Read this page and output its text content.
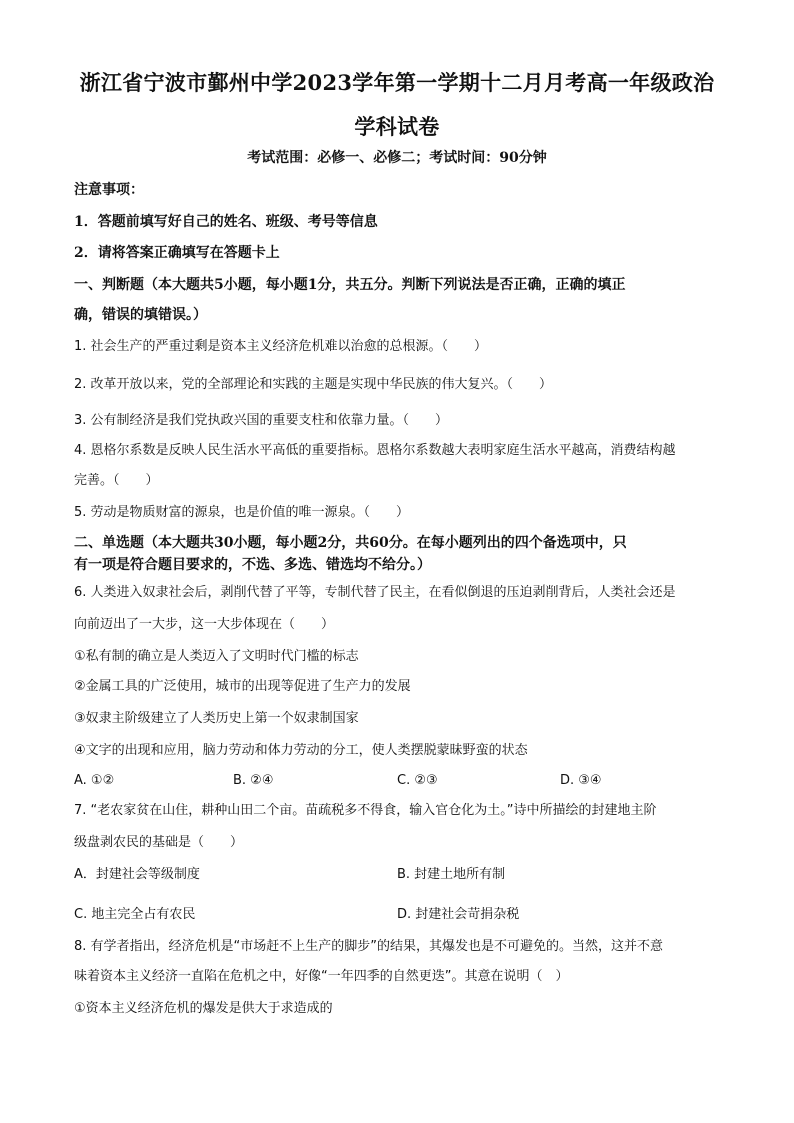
浙江省宁波市鄞州中学2023学年第一学期十二月月考高一年级政治
学科试卷
考试范围：必修一、必修二；考试时间：90分钟
注意事项：
1．答题前填写好自己的姓名、班级、考号等信息
2．请将答案正确填写在答题卡上
一、判断题（本大题共5小题，每小题1分，共五分。判断下列说法是否正确，正确的填正
确，错误的填错误。）
1. 社会生产的严重过剩是资本主义经济危机难以治愈的总根源。（　　）
2. 改革开放以来，党的全部理论和实践的主题是实现中华民族的伟大复兴。（　　）
3. 公有制经济是我们党执政兴国的重要支柱和依靠力量。（　　）
4. 恩格尔系数是反映人民生活水平高低的重要指标。恩格尔系数越大表明家庭生活水平越高，消费结构越
完善。（　　）
5. 劳动是物质财富的源泉，也是价值的唯一源泉。（　　）
二、单选题（本大题共30小题，每小题2分，共60分。在每小题列出的四个备选项中，只
有一项是符合题目要求的，不选、多选、错选均不给分。）
6. 人类进入奴隶社会后，剥削代替了平等，专制代替了民主，在看似倒退的压迫剥削背后，人类社会还是
向前迈出了一大步，这一大步体现在（　　）
①私有制的确立是人类迈入了文明时代门槛的标志
②金属工具的广泛使用，城市的出现等促进了生产力的发展
③奴隶主阶级建立了人类历史上第一个奴隶制国家
④文字的出现和应用，脑力劳动和体力劳动的分工，使人类摆脱蒙昧野蛮的状态
A. ①②	B. ②④	C. ②③	D. ③④
7. “老农家贫在山住，耕种山田二个亩。苗疏税多不得食，输入官仓化为土。”诗中所描绘的封建地主阶
级盘剥农民的基础是（　　）
A．封建社会等级制度	B. 封建土地所有制
C. 地主完全占有农民	D. 封建社会苛捐杂税
8. 有学者指出，经济危机是“市场赶不上生产的脚步”的结果，其爆发也是不可避免的。当然，这并不意
味着资本主义经济一直陷在危机之中，好像“一年四季的自然更迭”。其意在说明（　）
①资本主义经济危机的爆发是供大于求造成的
